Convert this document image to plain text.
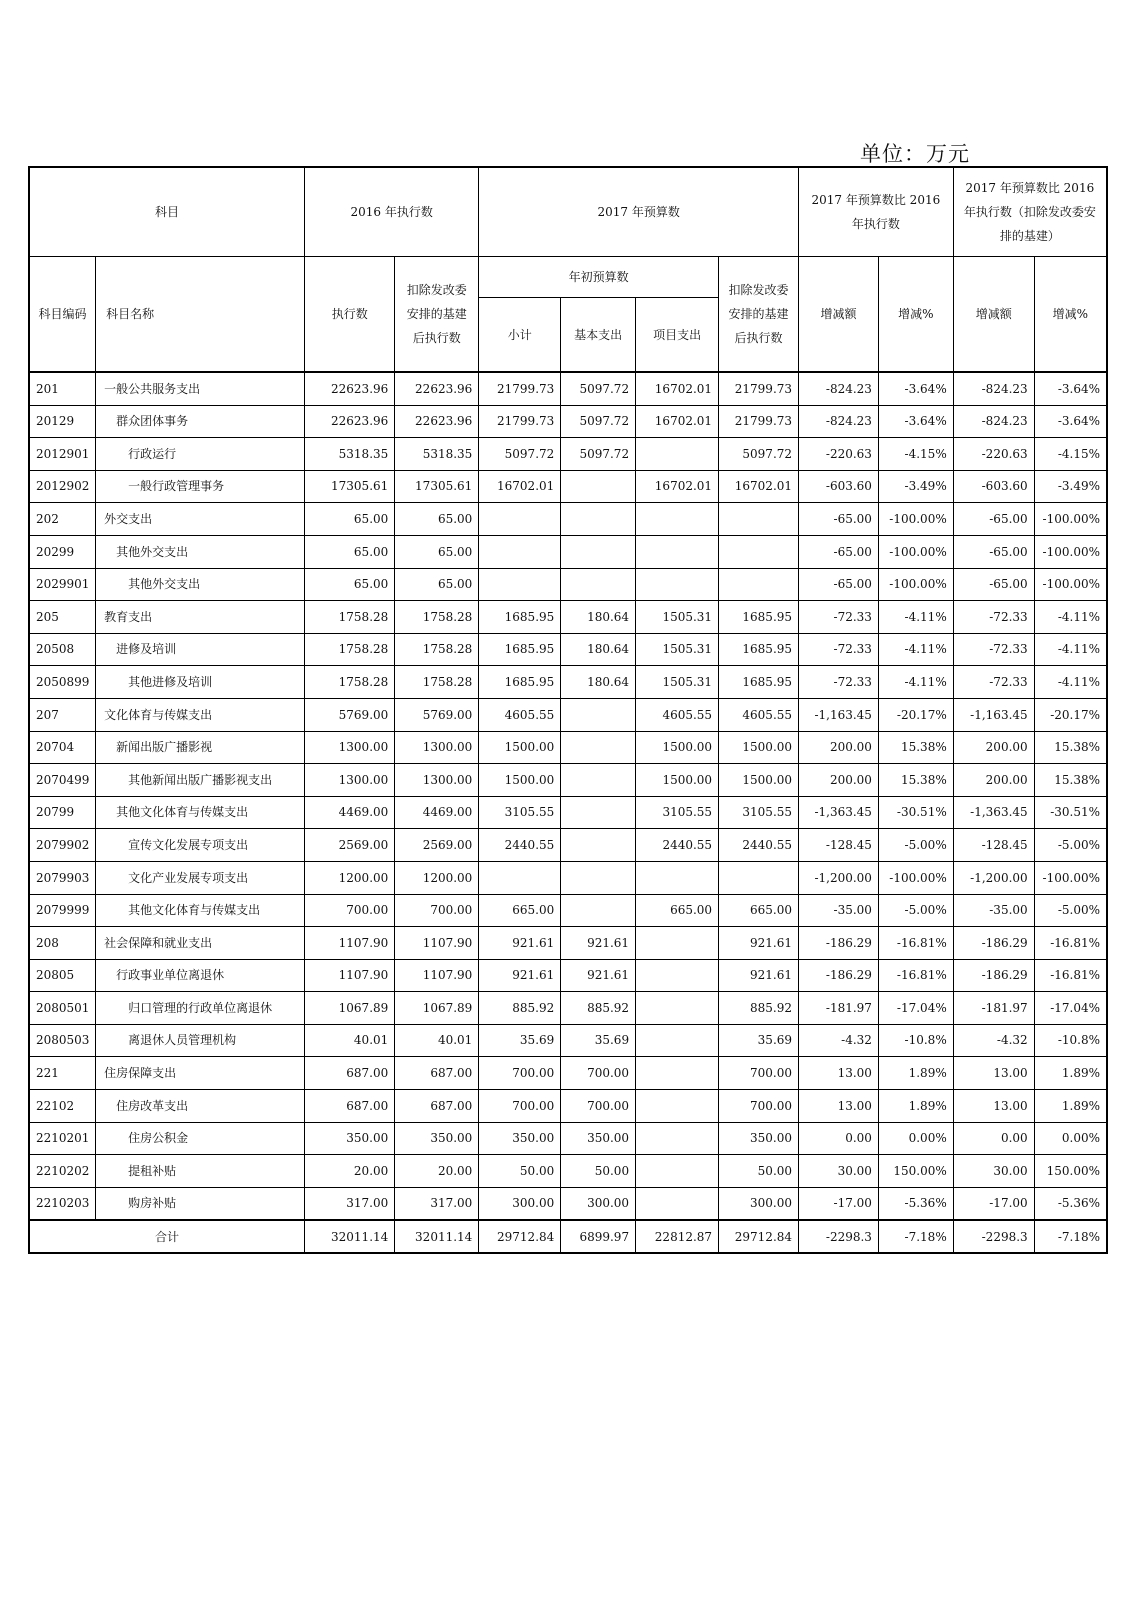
单位：万元
科目		2016 年执行数		2017 年预算数				2017 年预算数比 2016 年执行数		2017 年预算数比 2016 年执行数（扣除发改委安排的基建）	
科目编码	科目名称	执行数	扣除发改委安排的基建后执行数	年初预算数			扣除发改委安排的基建后执行数	增减额	增减%	增减额	增减%
				小计	基本支出	项目支出					
201	一般公共服务支出	22623.96	22623.96	21799.73	5097.72	16702.01	21799.73	-824.23	-3.64%	-824.23	-3.64%
20129	群众团体事务	22623.96	22623.96	21799.73	5097.72	16702.01	21799.73	-824.23	-3.64%	-824.23	-3.64%
2012901	行政运行	5318.35	5318.35	5097.72	5097.72		5097.72	-220.63	-4.15%	-220.63	-4.15%
2012902	一般行政管理事务	17305.61	17305.61	16702.01		16702.01	16702.01	-603.60	-3.49%	-603.60	-3.49%
202	外交支出	65.00	65.00					-65.00	-100.00%	-65.00	-100.00%
20299	其他外交支出	65.00	65.00					-65.00	-100.00%	-65.00	-100.00%
2029901	其他外交支出	65.00	65.00					-65.00	-100.00%	-65.00	-100.00%
205	教育支出	1758.28	1758.28	1685.95	180.64	1505.31	1685.95	-72.33	-4.11%	-72.33	-4.11%
20508	进修及培训	1758.28	1758.28	1685.95	180.64	1505.31	1685.95	-72.33	-4.11%	-72.33	-4.11%
2050899	其他进修及培训	1758.28	1758.28	1685.95	180.64	1505.31	1685.95	-72.33	-4.11%	-72.33	-4.11%
207	文化体育与传媒支出	5769.00	5769.00	4605.55		4605.55	4605.55	-1,163.45	-20.17%	-1,163.45	-20.17%
20704	新闻出版广播影视	1300.00	1300.00	1500.00		1500.00	1500.00	200.00	15.38%	200.00	15.38%
2070499	其他新闻出版广播影视支出	1300.00	1300.00	1500.00		1500.00	1500.00	200.00	15.38%	200.00	15.38%
20799	其他文化体育与传媒支出	4469.00	4469.00	3105.55		3105.55	3105.55	-1,363.45	-30.51%	-1,363.45	-30.51%
2079902	宣传文化发展专项支出	2569.00	2569.00	2440.55		2440.55	2440.55	-128.45	-5.00%	-128.45	-5.00%
2079903	文化产业发展专项支出	1200.00	1200.00					-1,200.00	-100.00%	-1,200.00	-100.00%
2079999	其他文化体育与传媒支出	700.00	700.00	665.00		665.00	665.00	-35.00	-5.00%	-35.00	-5.00%
208	社会保障和就业支出	1107.90	1107.90	921.61	921.61		921.61	-186.29	-16.81%	-186.29	-16.81%
20805	行政事业单位离退休	1107.90	1107.90	921.61	921.61		921.61	-186.29	-16.81%	-186.29	-16.81%
2080501	归口管理的行政单位离退休	1067.89	1067.89	885.92	885.92		885.92	-181.97	-17.04%	-181.97	-17.04%
2080503	离退休人员管理机构	40.01	40.01	35.69	35.69		35.69	-4.32	-10.8%	-4.32	-10.8%
221	住房保障支出	687.00	687.00	700.00	700.00		700.00	13.00	1.89%	13.00	1.89%
22102	住房改革支出	687.00	687.00	700.00	700.00		700.00	13.00	1.89%	13.00	1.89%
2210201	住房公积金	350.00	350.00	350.00	350.00		350.00	0.00	0.00%	0.00	0.00%
2210202	提租补贴	20.00	20.00	50.00	50.00		50.00	30.00	150.00%	30.00	150.00%
2210203	购房补贴	317.00	317.00	300.00	300.00		300.00	-17.00	-5.36%	-17.00	-5.36%
合计		32011.14	32011.14	29712.84	6899.97	22812.87	29712.84	-2298.3	-7.18%	-2298.3	-7.18%
